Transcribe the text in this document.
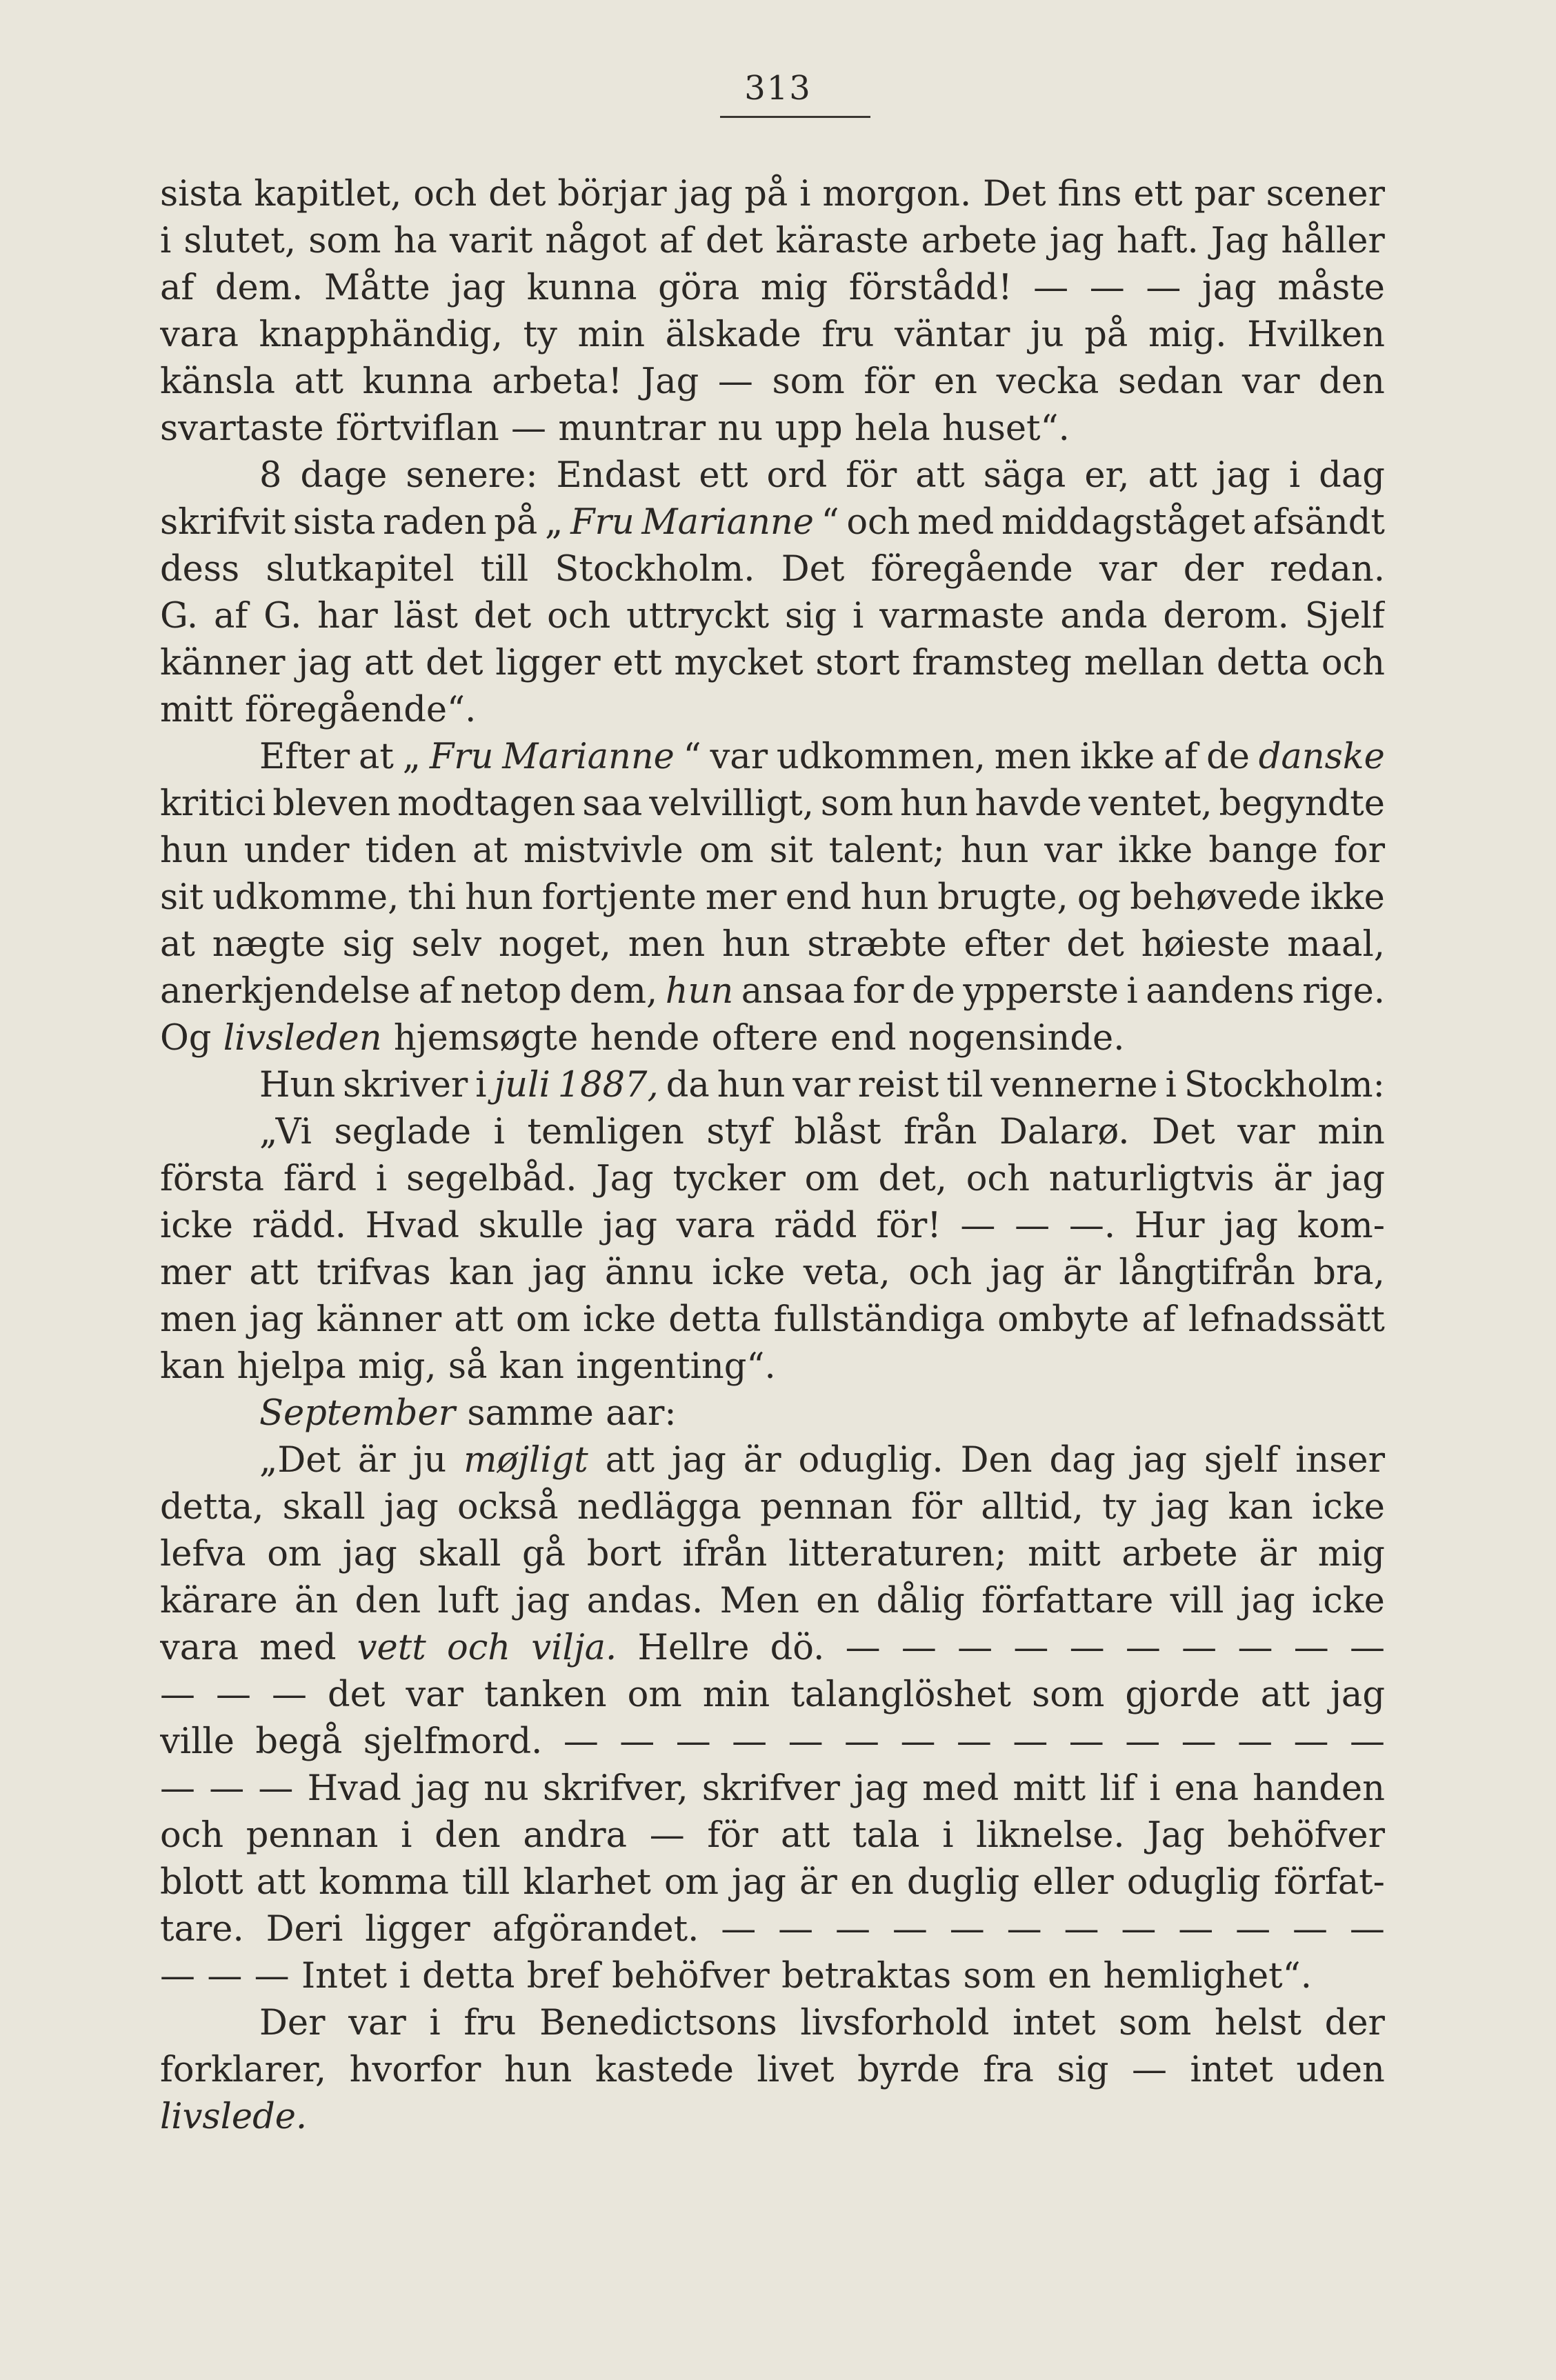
313
sista kapitlet, och det börjar jag på i morgon. Det fins ett par scener
i slutet, som ha varit något af det käraste arbete jag haft. Jag håller
af dem. Måtte jag kunna göra mig förstådd! — — — jag måste
vara knapphändig, ty min älskade fru väntar ju på mig. Hvilken
känsla att kunna arbeta! Jag — som för en vecka sedan var den
svartaste förtviflan — muntrar nu upp hela huset“.
8 dage senere: Endast ett ord för att säga er, att jag i dag
skrifvit sista raden på „ Fru Marianne “ och med middagståget afsändt
dess slutkapitel till Stockholm. Det föregående var der redan.
G. af G. har läst det och uttryckt sig i varmaste anda derom. Sjelf
känner jag att det ligger ett mycket stort framsteg mellan detta och
mitt föregående“.
Efter at „ Fru Marianne “ var udkommen, men ikke af de danske
kritici bleven modtagen saa velvilligt, som hun havde ventet, begyndte
hun under tiden at mistvivle om sit talent; hun var ikke bange for
sit udkomme, thi hun fortjente mer end hun brugte, og behøvede ikke
at nægte sig selv noget, men hun stræbte efter det høieste maal,
anerkjendelse af netop dem, hun ansaa for de ypperste i aandens rige.
Og livsleden hjemsøgte hende oftere end nogensinde.
Hun skriver i juli 1887, da hun var reist til vennerne i Stockholm:
„Vi seglade i temligen styf blåst från Dalarø. Det var min
första färd i segelbåd. Jag tycker om det, och naturligtvis är jag
icke rädd. Hvad skulle jag vara rädd för! — — —. Hur jag kom-
mer att trifvas kan jag ännu icke veta, och jag är långtifrån bra,
men jag känner att om icke detta fullständiga ombyte af lefnadssätt
kan hjelpa mig, så kan ingenting“.
September samme aar:
„Det är ju møjligt att jag är oduglig. Den dag jag sjelf inser
detta, skall jag också nedlägga pennan för alltid, ty jag kan icke
lefva om jag skall gå bort ifrån litteraturen; mitt arbete är mig
kärare än den luft jag andas. Men en dålig författare vill jag icke
vara med vett och vilja. Hellre dö. — — — — — — — — — —
— — — det var tanken om min talanglöshet som gjorde att jag
ville begå sjelfmord. — — — — — — — — — — — — — — —
— — — Hvad jag nu skrifver, skrifver jag med mitt lif i ena handen
och pennan i den andra — för att tala i liknelse. Jag behöfver
blott att komma till klarhet om jag är en duglig eller oduglig förfat-
tare. Deri ligger afgörandet. — — — — — — — — — — — —
— — — Intet i detta bref behöfver betraktas som en hemlighet“.
Der var i fru Benedictsons livsforhold intet som helst der
forklarer, hvorfor hun kastede livet byrde fra sig — intet uden
livslede.
